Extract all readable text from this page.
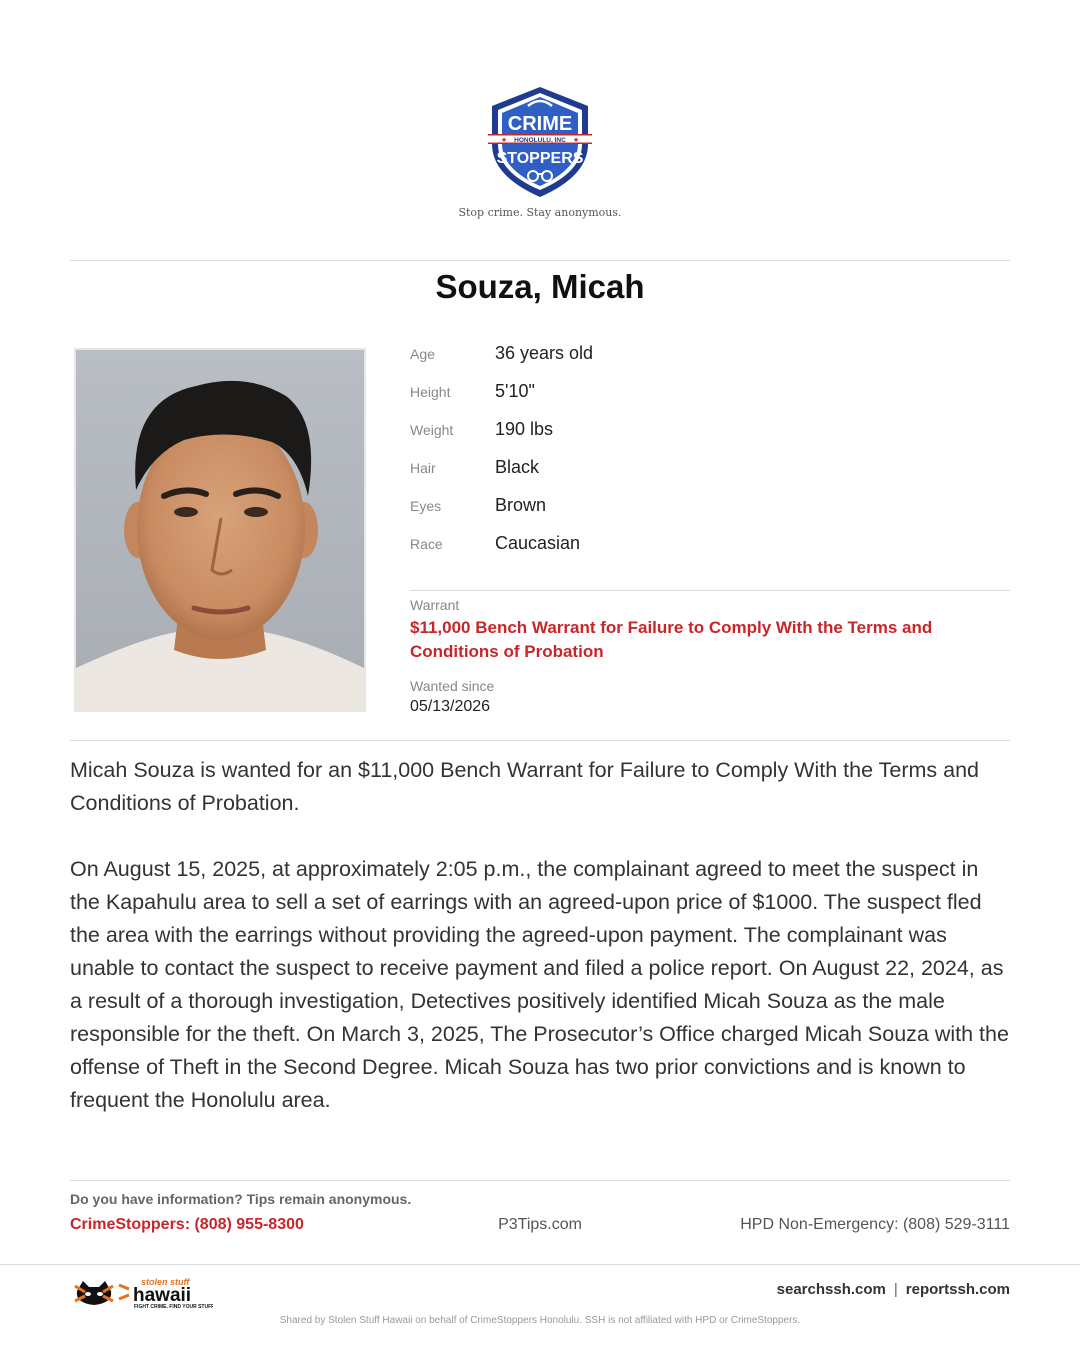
HONOLULU, INC
★	★
CRIME
STOPPERS
Stop crime. Stay anonymous.
Souza, Micah
Age	36 years old
Height	5'10"
Weight	190 lbs
Hair	Black
Eyes	Brown
Race	Caucasian
Warrant
$11,000 Bench Warrant for Failure to Comply With the Terms and Conditions of Probation
Wanted since
05/13/2026

Micah Souza is wanted for an $11,000 Bench Warrant for Failure to Comply With the Terms and Conditions of Probation.

On August 15, 2025, at approximately 2:05 p.m., the complainant agreed to meet the suspect in the Kapahulu area to sell a set of earrings with an agreed-upon price of $1000. The suspect fled the area with the earrings without providing the agreed-upon payment. The complainant was unable to contact the suspect to receive payment and filed a police report. On August 22, 2024, as a result of a thorough investigation, Detectives positively identified Micah Souza as the male responsible for the theft. On March 3, 2025, The Prosecutor’s Office charged Micah Souza with the offense of Theft in the Second Degree. Micah Souza has two prior convictions and is known to frequent the Honolulu area.

Do you have information? Tips remain anonymous.
P3Tips.com
CrimeStoppers: (808) 955-8300	HPD Non-Emergency: (808) 529-3111
stolen stuff
hawaii
FIGHT CRIME. FIND YOUR STUFF.
searchssh.com | reportssh.com
Shared by Stolen Stuff Hawaii on behalf of CrimeStoppers Honolulu. SSH is not affiliated with HPD or CrimeStoppers.
